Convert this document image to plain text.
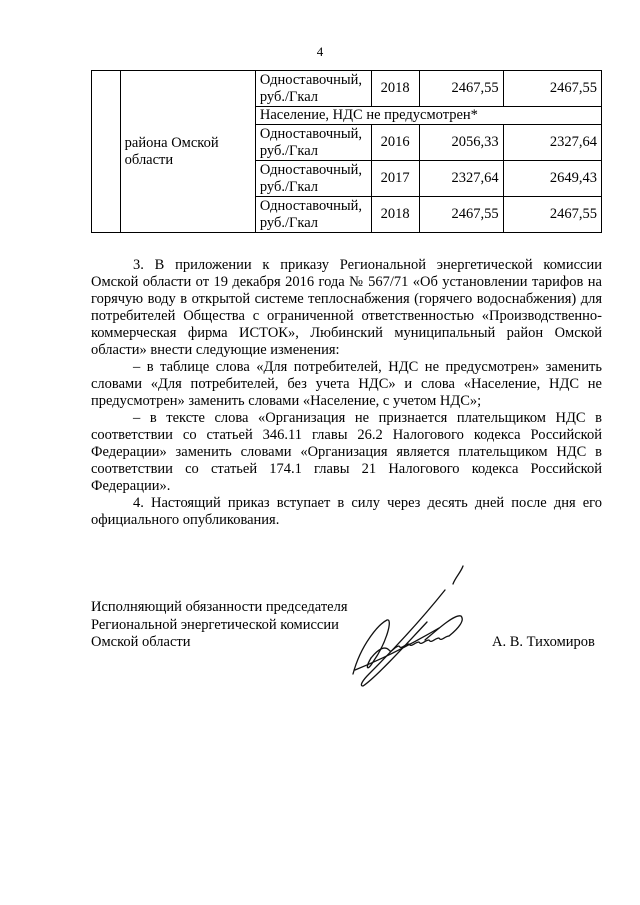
4
	района Омской области	Одноставочный, руб./Гкал	2018	2467,55	2467,55
		Население, НДС не предусмотрен*			
		Одноставочный, руб./Гкал	2016	2056,33	2327,64
		Одноставочный, руб./Гкал	2017	2327,64	2649,43
		Одноставочный, руб./Гкал	2018	2467,55	2467,55

3. В приложении к приказу Региональной энергетической комиссии Омской области от 19 декабря 2016 года № 567/71 «Об установлении тарифов на горячую воду в открытой системе теплоснабжения (горячего водоснабжения) для потребителей Общества с ограниченной ответственностью «Производственно-коммерческая фирма ИСТОК», Любинский муниципальный район Омской области» внести следующие изменения:

– в таблице слова «Для потребителей, НДС не предусмотрен» заменить словами «Для потребителей, без учета НДС» и слова «Население, НДС не предусмотрен» заменить словами «Население, с учетом НДС»;

– в тексте слова «Организация не признается плательщиком НДС в соответствии со статьей 346.11 главы 26.2 Налогового кодекса Российской Федерации» заменить словами «Организация является плательщиком НДС в соответствии со статьей 174.1 главы 21 Налогового кодекса Российской Федерации».

4. Настоящий приказ вступает в силу через десять дней после дня его официального опубликования.

Исполняющий обязанности председателя
Региональной энергетической комиссии
Омской области	А. В. Тихомиров
